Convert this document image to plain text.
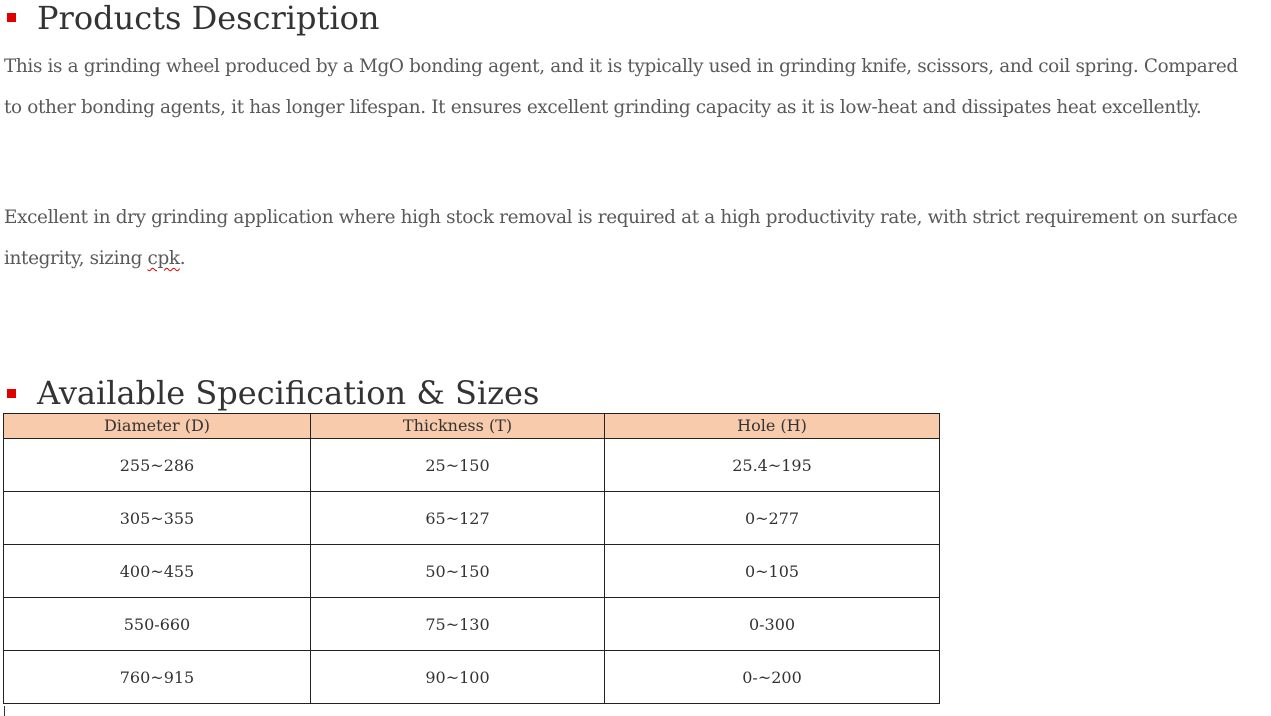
Products Description

This is a grinding wheel produced by a MgO bonding agent, and it is typically used in grinding knife, scissors, and coil spring. Compared
to other bonding agents, it has longer lifespan. It ensures excellent grinding capacity as it is low-heat and dissipates heat excellently.

Excellent in dry grinding application where high stock removal is required at a high productivity rate, with strict requirement on surface
integrity, sizing cpk.

Available Specification & Sizes
Diameter (D)	Thickness (T)	Hole (H)
255~286	25~150	25.4~195
305~355	65~127	0~277
400~455	50~150	0~105
550-660	75~130	0-300
760~915	90~100	0-~200
